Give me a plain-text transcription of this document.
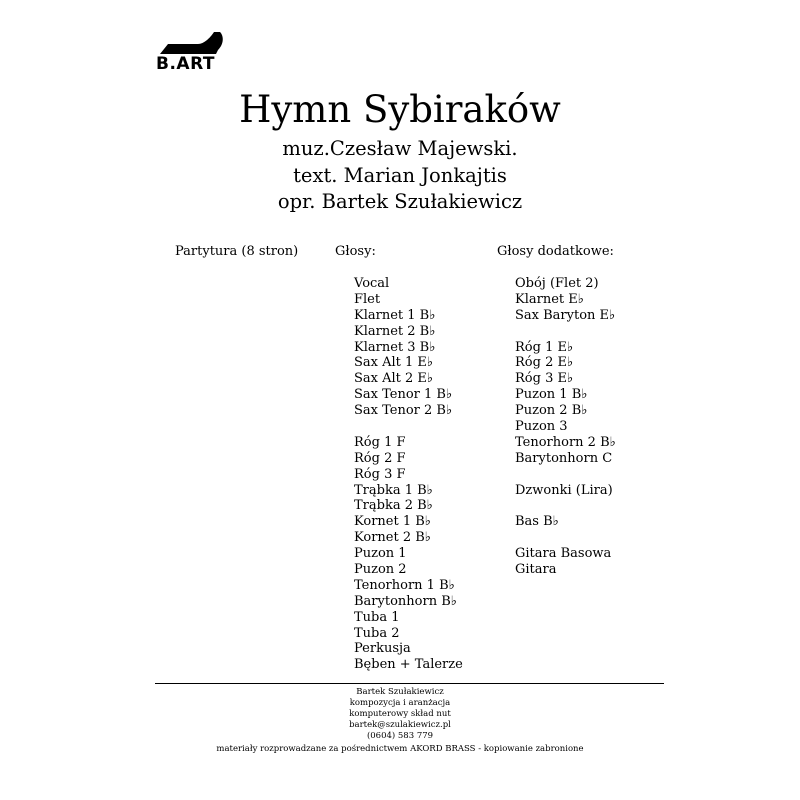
B.ART
Hymn Sybiraków
muz.Czesław Majewski.
text. Marian Jonkajtis
opr. Bartek Szułakiewicz
Partytura (8 stron)	Głosy:	Głosy dodatkowe:
Vocal
Flet
Klarnet 1 B♭
Klarnet 2 B♭
Klarnet 3 B♭
Sax Alt 1 E♭
Sax Alt 2 E♭
Sax Tenor 1 B♭
Sax Tenor 2 B♭
Róg 1 F
Róg 2 F
Róg 3 F
Trąbka 1 B♭
Trąbka 2 B♭
Kornet 1 B♭
Kornet 2 B♭
Puzon 1
Puzon 2
Tenorhorn 1 B♭
Barytonhorn B♭
Tuba 1
Tuba 2
Perkusja
Bęben + Talerze
Obój (Flet 2)
Klarnet E♭
Sax Baryton E♭
Róg 1 E♭
Róg 2 E♭
Róg 3 E♭
Puzon 1 B♭
Puzon 2 B♭
Puzon 3
Tenorhorn 2 B♭
Barytonhorn C
Dzwonki (Lira)
Bas B♭
Gitara Basowa
Gitara
Bartek Szułakiewicz
kompozycja i aranżacja
komputerowy skład nut
bartek@szulakiewicz.pl
(0604) 583 779
materiały rozprowadzane za pośrednictwem AKORD BRASS - kopiowanie zabronione
